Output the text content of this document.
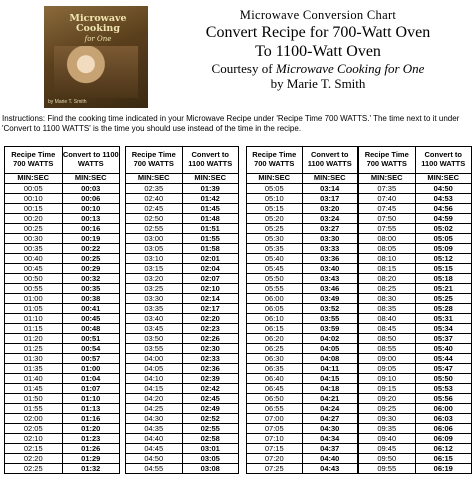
Microwave Cooking
for One
by Marie T. Smith
Microwave Conversion Chart
Convert Recipe for 700-Watt Oven
To 1100-Watt Oven
Courtesy of Microwave Cooking for One
by Marie T. Smith
Instructions: Find the cooking time indicated in your Microwave Recipe under 'Recipe Time 700 WATTS.' The time next to it under 'Convert to 1100 WATTS' is the time you should use instead of the time in the recipe.
Recipe Time 700 WATTS	Convert to 1100 WATTS
MIN:SEC	MIN:SEC
00:05	00:03
00:10	00:06
00:15	00:10
00:20	00:13
00:25	00:16
00:30	00:19
00:35	00:22
00:40	00:25
00:45	00:29
00:50	00:32
00:55	00:35
01:00	00:38
01:05	00:41
01:10	00:45
01:15	00:48
01:20	00:51
01:25	00:54
01:30	00:57
01:35	01:00
01:40	01:04
01:45	01:07
01:50	01:10
01:55	01:13
02:00	01:16
02:05	01:20
02:10	01:23
02:15	01:26
02:20	01:29
02:25	01:32
Recipe Time 700 WATTS	Convert to 1100 WATTS
MIN:SEC	MIN:SEC
02:35	01:39
02:40	01:42
02:45	01:45
02:50	01:48
02:55	01:51
03:00	01:55
03:05	01:58
03:10	02:01
03:15	02:04
03:20	02:07
03:25	02:10
03:30	02:14
03:35	02:17
03:40	02:20
03:45	02:23
03:50	02:26
03:55	02:30
04:00	02:33
04:05	02:36
04:10	02:39
04:15	02:42
04:20	02:45
04:25	02:49
04:30	02:52
04:35	02:55
04:40	02:58
04:45	03:01
04:50	03:05
04:55	03:08
Recipe Time 700 WATTS	Convert to 1100 WATTS
MIN:SEC	MIN:SEC
05:05	03:14
05:10	03:17
05:15	03:20
05:20	03:24
05:25	03:27
05:30	03:30
05:35	03:33
05:40	03:36
05:45	03:40
05:50	03:43
05:55	03:46
06:00	03:49
06:05	03:52
06:10	03:55
06:15	03:59
06:20	04:02
06:25	04:05
06:30	04:08
06:35	04:11
06:40	04:15
06:45	04:18
06:50	04:21
06:55	04:24
07:00	04:27
07:05	04:30
07:10	04:34
07:15	04:37
07:20	04:40
07:25	04:43
Recipe Time 700 WATTS	Convert to 1100 WATTS
MIN:SEC	MIN:SEC
07:35	04:50
07:40	04:53
07:45	04:56
07:50	04:59
07:55	05:02
08:00	05:05
08:05	05:09
08:10	05:12
08:15	05:15
08:20	05:18
08:25	05:21
08:30	05:25
08:35	05:28
08:40	05:31
08:45	05:34
08:50	05:37
08:55	05:40
09:00	05:44
09:05	05:47
09:10	05:50
09:15	05:53
09:20	05:56
09:25	06:00
09:30	06:03
09:35	06:06
09:40	06:09
09:45	06:12
09:50	06:15
09:55	06:19
